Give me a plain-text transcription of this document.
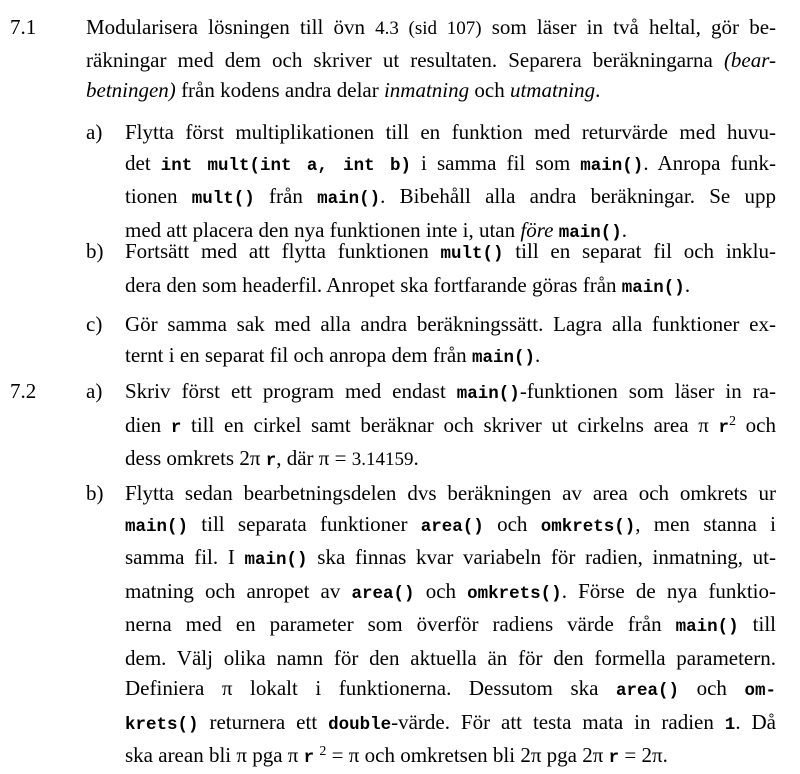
7.1 Modularisera lösningen till övn 4.3 (sid 107) som läser in två heltal, gör be-
räkningar med dem och skriver ut resultaten. Separera beräkningarna (bear-
betningen) från kodens andra delar inmatning och utmatning.
a) Flytta först multiplikationen till en funktion med returvärde med huvu-
det int mult(int a, int b) i samma fil som main(). Anropa funk-
tionen mult() från main(). Bibehåll alla andra beräkningar. Se upp
med att placera den nya funktionen inte i, utan före main().
b) Fortsätt med att flytta funktionen mult() till en separat fil och inklu-
dera den som headerfil. Anropet ska fortfarande göras från main().
c) Gör samma sak med alla andra beräkningssätt. Lagra alla funktioner ex-
ternt i en separat fil och anropa dem från main().
7.2 a) Skriv först ett program med endast main()-funktionen som läser in ra-
dien r till en cirkel samt beräknar och skriver ut cirkelns area π $r^2$ och
dess omkrets 2π r, där π = 3.14159.
b) Flytta sedan bearbetningsdelen dvs beräkningen av area och omkrets ur
main() till separata funktioner area() och omkrets(), men stanna i
samma fil. I main() ska finnas kvar variabeln för radien, inmatning, ut-
matning och anropet av area() och omkrets(). Förse de nya funktio-
nerna med en parameter som överför radiens värde från main() till
dem. Välj olika namn för den aktuella än för den formella parametern.
Definiera π lokalt i funktionerna. Dessutom ska area() och om-
krets() returnera ett double-värde. För att testa mata in radien 1. Då
ska arean bli π pga π r $^2$ = π och omkretsen bli 2π pga 2π r = 2π.
